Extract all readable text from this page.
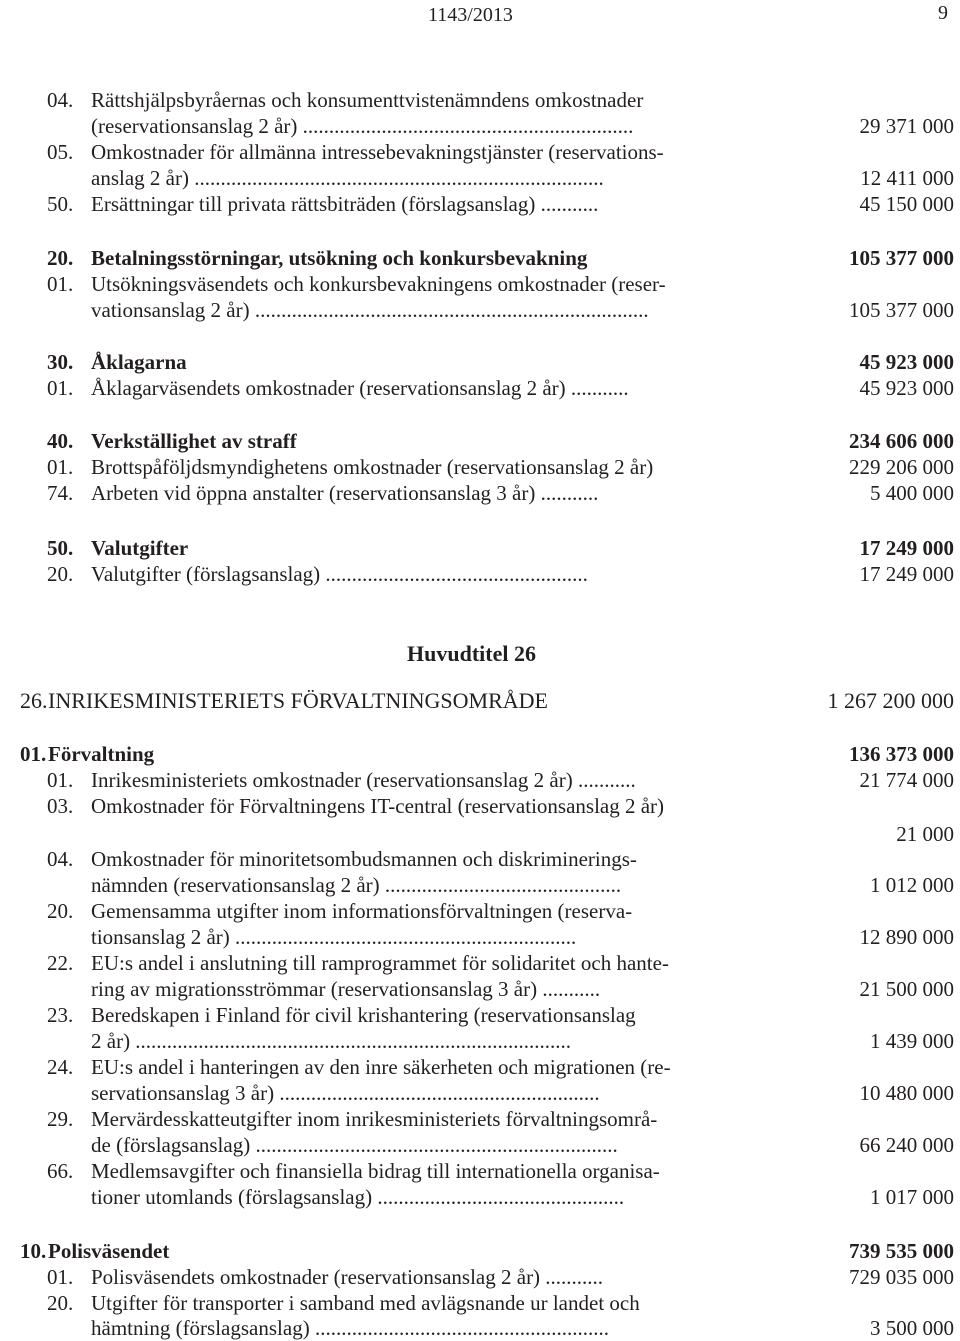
1143/2013	9
04. Rättshjälpsbyråernas och konsumenttvistenämndens omkostnader
(reservationsanslag 2 år) ...............................................................	29 371 000
05. Omkostnader för allmänna intressebevakningstjänster (reservations-
anslag 2 år) ..............................................................................	12 411 000
50. Ersättningar till privata rättsbiträden (förslagsanslag) ...........	45 150 000
20. Betalningsstörningar, utsökning och konkursbevakning	105 377 000
01. Utsökningsväsendets och konkursbevakningens omkostnader (reser-
vationsanslag 2 år) ...........................................................................	105 377 000
30. Åklagarna	45 923 000
01. Åklagarväsendets omkostnader (reservationsanslag 2 år) ...........	45 923 000
40. Verkställighet av straff	234 606 000
01. Brottspåföljdsmyndighetens omkostnader (reservationsanslag 2 år)	229 206 000
74. Arbeten vid öppna anstalter (reservationsanslag 3 år) ...........	5 400 000
50. Valutgifter	17 249 000
20. Valutgifter (förslagsanslag) ..................................................	17 249 000
Huvudtitel 26
26. INRIKESMINISTERIETS FÖRVALTNINGSOMRÅDE	1 267 200 000
01. Förvaltning	136 373 000
01. Inrikesministeriets omkostnader (reservationsanslag 2 år) ...........	21 774 000
03. Omkostnader för Förvaltningens IT-central (reservationsanslag 2 år)
21 000
04. Omkostnader för minoritetsombudsmannen och diskriminerings-
nämnden (reservationsanslag 2 år) .............................................	1 012 000
20. Gemensamma utgifter inom informationsförvaltningen (reserva-
tionsanslag 2 år) .................................................................	12 890 000
22. EU:s andel i anslutning till ramprogrammet för solidaritet och hante-
ring av migrationsströmmar (reservationsanslag 3 år) ...........	21 500 000
23. Beredskapen i Finland för civil krishantering (reservationsanslag
2 år) ...................................................................................	1 439 000
24. EU:s andel i hanteringen av den inre säkerheten och migrationen (re-
servationsanslag 3 år) .............................................................	10 480 000
29. Mervärdesskatteutgifter inom inrikesministeriets förvaltningsområ-
de (förslagsanslag) .....................................................................	66 240 000
66. Medlemsavgifter och finansiella bidrag till internationella organisa-
tioner utomlands (förslagsanslag) ...............................................	1 017 000
10. Polisväsendet	739 535 000
01. Polisväsendets omkostnader (reservationsanslag 2 år) ...........	729 035 000
20. Utgifter för transporter i samband med avlägsnande ur landet och
hämtning (förslagsanslag) ........................................................	3 500 000
